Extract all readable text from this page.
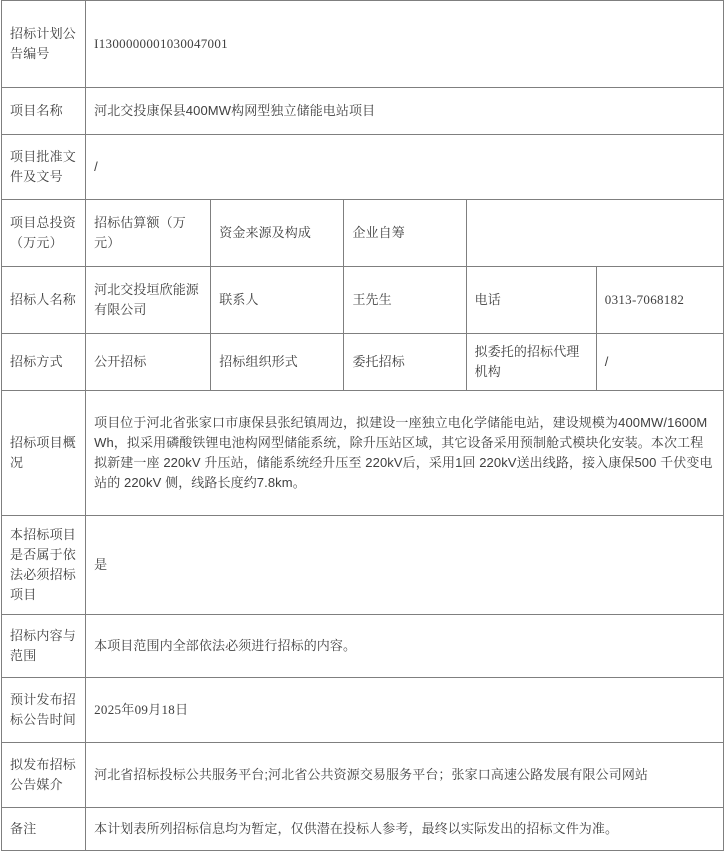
招标计划公告编号	I1300000001030047001				
项目名称	河北交投康保县400MW构网型独立储能电站项目				
项目批准文件及文号	/				
项目总投资（万元）	招标估算额（万元）	资金来源及构成	企业自筹		
招标人名称	河北交投垣欣能源有限公司	联系人	王先生	电话	0313-7068182
招标方式	公开招标	招标组织形式	委托招标	拟委托的招标代理机构	/
招标项目概况	项目位于河北省张家口市康保县张纪镇周边，拟建设一座独立电化学储能电站，建设规模为400MW/1600MWh，拟采用磷酸铁锂电池构网型储能系统，除升压站区域，其它设备采用预制舱式模块化安装。本次工程拟新建一座 220kV 升压站，储能系统经升压至 220kV后，采用1回 220kV送出线路，接入康保500 千伏变电站的 220kV 侧，线路长度约7.8km。				
本招标项目是否属于依法必须招标项目	是				
招标内容与范围	本项目范围内全部依法必须进行招标的内容。				
预计发布招标公告时间	2025年09月18日				
拟发布招标公告媒介	河北省招标投标公共服务平台;河北省公共资源交易服务平台；张家口高速公路发展有限公司网站				
备注	本计划表所列招标信息均为暂定，仅供潜在投标人参考，最终以实际发出的招标文件为准。				
